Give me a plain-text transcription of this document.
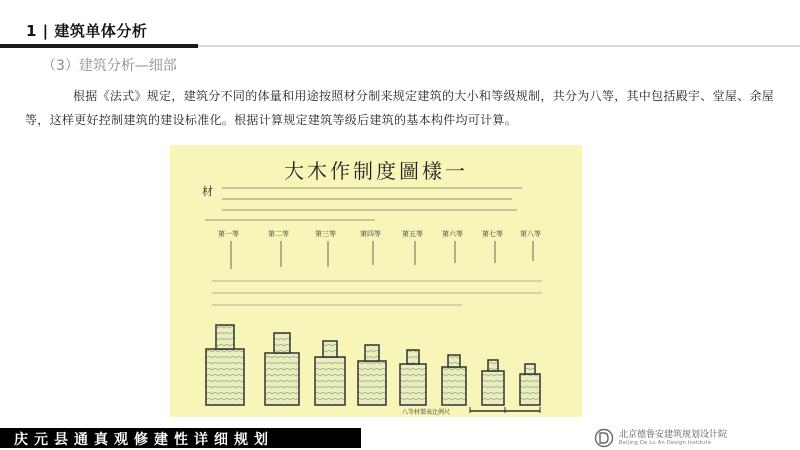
1 | 建筑单体分析
（3）建筑分析—细部
根据《法式》规定，建筑分不同的体量和用途按照材分制来规定建筑的大小和等级规制，共分为八等，其中包括殿宇、堂屋、余屋等，这样更好控制建筑的建设标准化。根据计算规定建筑等级后建筑的基本构件均可计算。
大木作制度圖樣一
材
第一等	第二等	第三等	第四等	第五等	第六等	第七等 第八等
八等材製表比例尺
庆元县通真观修建性详细规划	北京德鲁安建筑规划设计院
Beijing De Lu An Design Institute
